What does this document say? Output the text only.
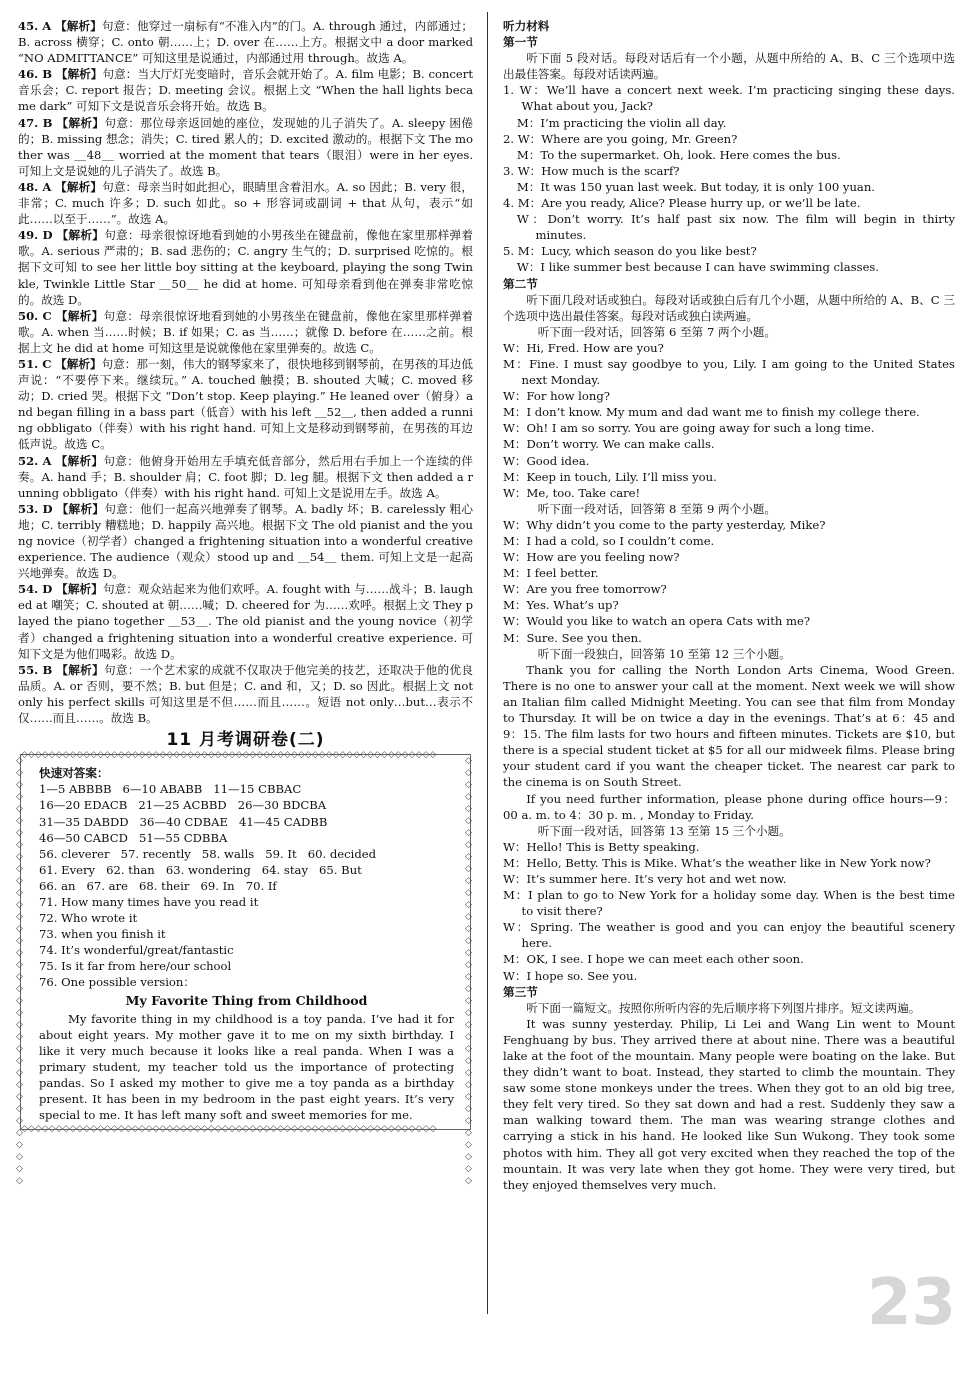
45. A 【解析】句意：他穿过一扇标有“不准入内”的门。A. through 通过，内部通过；B. across 横穿；C. onto 朝……上；D. over 在……上方。根据文中 a door marked “NO ADMITTANCE” 可知这里是说通过，内部通过用 through。故选 A。

46. B 【解析】句意：当大厅灯光变暗时，音乐会就开始了。A. film 电影；B. concert 音乐会；C. report 报告；D. meeting 会议。根据上文 “When the hall lights became dark” 可知下文是说音乐会将开始。故选 B。

47. B 【解析】句意：那位母亲返回她的座位，发现她的儿子消失了。A. sleepy 困倦的；B. missing 想念；消失；C. tired 累人的；D. excited 激动的。根据下文 The mother was ＿48＿ worried at the moment that tears（眼泪）were in her eyes. 可知上文是说她的儿子消失了。故选 B。

48. A 【解析】句意：母亲当时如此担心，眼睛里含着泪水。A. so 因此；B. very 很，非常；C. much 许多；D. such 如此。so + 形容词或副词 + that 从句，表示“如此……以至于……”。故选 A。

49. D 【解析】句意：母亲很惊讶地看到她的小男孩坐在键盘前，像他在家里那样弹着歌。A. serious 严肃的；B. sad 悲伤的；C. angry 生气的；D. surprised 吃惊的。根据下文可知 to see her little boy sitting at the keyboard, playing the song Twinkle, Twinkle Little Star ＿50＿ he did at home. 可知母亲看到他在弹奏非常吃惊的。故选 D。

50. C 【解析】句意：母亲很惊讶地看到她的小男孩坐在键盘前，像他在家里那样弹着歌。A. when 当……时候；B. if 如果；C. as 当……；就像 D. before 在……之前。根据上文 he did at home 可知这里是说就像他在家里弹奏的。故选 C。

51. C 【解析】句意：那一刻，伟大的钢琴家来了，很快地移到钢琴前，在男孩的耳边低声说：“不要停下来。继续玩。” A. touched 触摸；B. shouted 大喊；C. moved 移动；D. cried 哭。根据下文 “Don’t stop. Keep playing.” He leaned over（俯身）and began filling in a bass part（低音）with his left ＿52＿, then added a running obbligato（伴奏）with his right hand. 可知上文是移动到钢琴前，在男孩的耳边低声说。故选 C。

52. A 【解析】句意：他俯身开始用左手填充低音部分，然后用右手加上一个连续的伴奏。A. hand 手；B. shoulder 肩；C. foot 脚；D. leg 腿。根据下文 then added a running obbligato（伴奏）with his right hand. 可知上文是说用左手。故选 A。

53. D 【解析】句意：他们一起高兴地弹奏了钢琴。A. badly 坏；B. carelessly 粗心地；C. terribly 糟糕地；D. happily 高兴地。根据下文 The old pianist and the young novice（初学者）changed a frightening situation into a wonderful creative experience. The audience（观众）stood up and ＿54＿ them. 可知上文是一起高兴地弹奏。故选 D。

54. D 【解析】句意：观众站起来为他们欢呼。A. fought with 与……战斗；B. laughed at 嘲笑；C. shouted at 朝……喊；D. cheered for 为……欢呼。根据上文 They played the piano together ＿53＿. The old pianist and the young novice（初学者）changed a frightening situation into a wonderful creative experience. 可知下文是为他们喝彩。故选 D。

55. B 【解析】句意：一个艺术家的成就不仅取决于他完美的技艺，还取决于他的优良品质。A. or 否则，要不然；B. but 但是；C. and 和，又；D. so 因此。根据上文 not only his perfect skills 可知这里是不但……而且……。短语 not only…but…表示不仅……而且……。故选 B。

11 月考调研卷(二)
◇◇◇◇◇◇◇◇◇◇◇◇◇◇◇◇◇◇◇◇◇◇◇◇◇◇◇◇◇◇◇◇◇◇◇◇◇◇◇◇◇◇◇◇◇◇◇◇◇◇◇◇◇◇◇◇◇◇◇◇
◇◇◇◇◇◇◇◇◇◇◇◇◇◇◇◇◇◇◇◇◇◇◇◇◇◇◇◇◇◇◇◇◇◇◇◇◇◇◇◇◇◇◇◇◇◇◇◇◇◇◇◇◇◇◇◇◇◇◇◇
◇◇◇◇◇◇◇◇◇◇◇◇◇◇◇◇◇◇◇◇◇◇◇◇◇◇◇◇◇◇◇◇◇◇◇◇
◇◇◇◇◇◇◇◇◇◇◇◇◇◇◇◇◇◇◇◇◇◇◇◇◇◇◇◇◇◇◇◇◇◇◇◇

快速对答案：

1—5 ABBBB   6—10 ABABB   11—15 CBBAC

16—20 EDACB   21—25 ACBBD   26—30 BDCBA

31—35 DABDD   36—40 CDBAE   41—45 CADBB

46—50 CABCD   51—55 CDBBA

56. cleverer   57. recently   58. walls   59. It   60. decided

61. Every   62. than   63. wondering   64. stay   65. But

66. an   67. are   68. their   69. In   70. If

71. How many times have you read it

72. Who wrote it

73. when you finish it

74. It’s wonderful/great/fantastic

75. Is it far from here/our school

76. One possible version：

My Favorite Thing from Childhood

My favorite thing in my childhood is a toy panda. I’ve had it for about eight years. My mother gave it to me on my sixth birthday. I like it very much because it looks like a real panda. When I was a primary student, my teacher told us the importance of protecting pandas. So I asked my mother to give me a toy panda as a birthday present. It has been in my bedroom in the past eight years. It’s very special to me. It has left many soft and sweet memories for me.

听力材料

第一节

听下面 5 段对话。每段对话后有一个小题，从题中所给的 A、B、C 三个选项中选出最佳答案。每段对话读两遍。

1. W：We’ll have a concert next week. I’m practicing singing these days. What about you, Jack?

M：I’m practicing the violin all day.

2. W：Where are you going, Mr. Green?

M：To the supermarket. Oh, look. Here comes the bus.

3. W：How much is the scarf?

M：It was 150 yuan last week. But today, it is only 100 yuan.

4. M：Are you ready, Alice? Please hurry up, or we’ll be late.

W：Don’t worry. It’s half past six now. The film will begin in thirty minutes.

5. M：Lucy, which season do you like best?

W：I like summer best because I can have swimming classes.

第二节

听下面几段对话或独白。每段对话或独白后有几个小题，从题中所给的 A、B、C 三个选项中选出最佳答案。每段对话或独白读两遍。

听下面一段对话，回答第 6 至第 7 两个小题。

W：Hi, Fred. How are you?

M：Fine. I must say goodbye to you, Lily. I am going to the United States next Monday.

W：For how long?

M：I don’t know. My mum and dad want me to finish my college there.

W：Oh! I am so sorry. You are going away for such a long time.

M：Don’t worry. We can make calls.

W：Good idea.

M：Keep in touch, Lily. I’ll miss you.

W：Me, too. Take care!

听下面一段对话，回答第 8 至第 9 两个小题。

W：Why didn’t you come to the party yesterday, Mike?

M：I had a cold, so I couldn’t come.

W：How are you feeling now?

M：I feel better.

W：Are you free tomorrow?

M：Yes. What’s up?

W：Would you like to watch an opera Cats with me?

M：Sure. See you then.

听下面一段独白，回答第 10 至第 12 三个小题。

Thank you for calling the North London Arts Cinema, Wood Green. There is no one to answer your call at the moment. Next week we will show an Italian film called Midnight Meeting. You can see that film from Monday to Thursday. It will be on twice a day in the evenings. That’s at 6：45 and 9：15. The film lasts for two hours and fifteen minutes. Tickets are $10, but there is a special student ticket at $5 for all our midweek films. Please bring your student card if you want the cheaper ticket. The nearest car park to the cinema is on South Street.

If you need further information, please phone during office hours—9：00 a. m. to 4：30 p. m. , Monday to Friday.

听下面一段对话，回答第 13 至第 15 三个小题。

W：Hello! This is Betty speaking.

M：Hello, Betty. This is Mike. What’s the weather like in New York now?

W：It’s summer here. It’s very hot and wet now.

M：I plan to go to New York for a holiday some day. When is the best time to visit there?

W：Spring. The weather is good and you can enjoy the beautiful scenery here.

M：OK, I see. I hope we can meet each other soon.

W：I hope so. See you.

第三节

听下面一篇短文。按照你所听内容的先后顺序将下列图片排序。短文读两遍。

It was sunny yesterday. Philip, Li Lei and Wang Lin went to Mount Fenghuang by bus. They arrived there at about nine. There was a beautiful lake at the foot of the mountain. Many people were boating on the lake. But they didn’t want to boat. Instead, they started to climb the mountain. They saw some stone monkeys under the trees. When they got to an old big tree, they felt very tired. So they sat down and had a rest. Suddenly they saw a man walking toward them. The man was wearing strange clothes and carrying a stick in his hand. He looked like Sun Wukong. They took some photos with him. They all got very excited when they reached the top of the mountain. It was very late when they got home. They were very tired, but they enjoyed themselves very much.

23
